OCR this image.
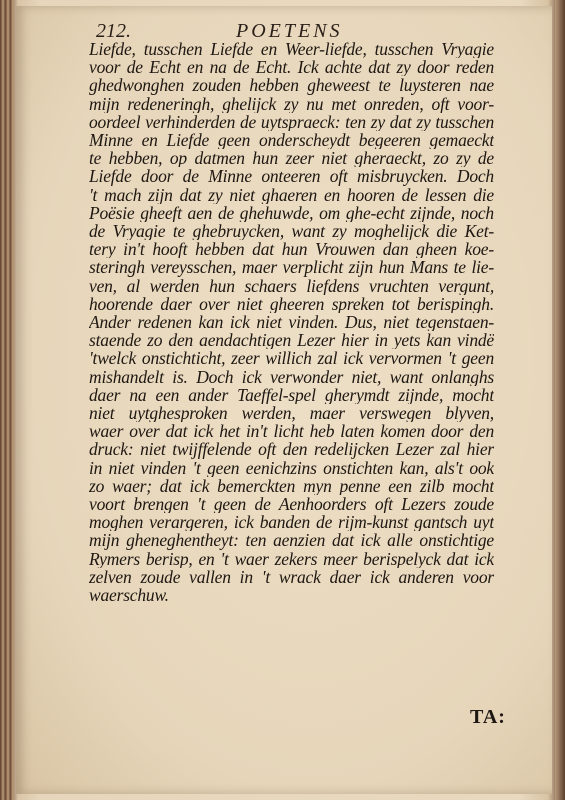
212.	POETENS
Liefde, tusschen Liefde en Weer-liefde, tusschen Vryagie
voor de Echt en na de Echt. Ick achte dat zy door reden
ghedwonghen zouden hebben gheweest te luysteren nae
mijn redeneringh, ghelijck zy nu met onreden, oft voor-
oordeel verhinderden de uytspraeck: ten zy dat zy tusschen
Minne en Liefde geen onderscheydt begeeren gemaeckt
te hebben, op datmen hun zeer niet gheraeckt, zo zy de
Liefde door de Minne onteeren oft misbruycken. Doch
't mach zijn dat zy niet ghaeren en hooren de lessen die
Poësie gheeft aen de ghehuwde, om ghe-echt zijnde, noch
de Vryagie te ghebruycken, want zy moghelijck die Ket-
tery in't hooft hebben dat hun Vrouwen dan gheen koe-
steringh vereysschen, maer verplicht zijn hun Mans te lie-
ven, al werden hun schaers liefdens vruchten vergunt,
hoorende daer over niet gheeren spreken tot berispingh.
Ander redenen kan ick niet vinden. Dus, niet tegenstaen-
staende zo den aendachtigen Lezer hier in yets kan vindë
'twelck onstichticht, zeer willich zal ick vervormen 't geen
mishandelt is. Doch ick verwonder niet, want onlanghs
daer na een ander Taeffel-spel gherymdt zijnde, mocht
niet uytghesproken werden, maer verswegen blyven,
waer over dat ick het in't licht heb laten komen door den
druck: niet twijffelende oft den redelijcken Lezer zal hier
in niet vinden 't geen eenichzins onstichten kan, als't ook
zo waer; dat ick bemerckten myn penne een zilb mocht
voort brengen 't geen de Aenhoorders oft Lezers zoude
moghen verargeren, ick banden de rijm-kunst gantsch uyt
mijn gheneghentheyt: ten aenzien dat ick alle onstichtige
Rymers berisp, en 't waer zekers meer berispelyck dat ick
zelven zoude vallen in 't wrack daer ick anderen voor
waerschuw.
TA:
